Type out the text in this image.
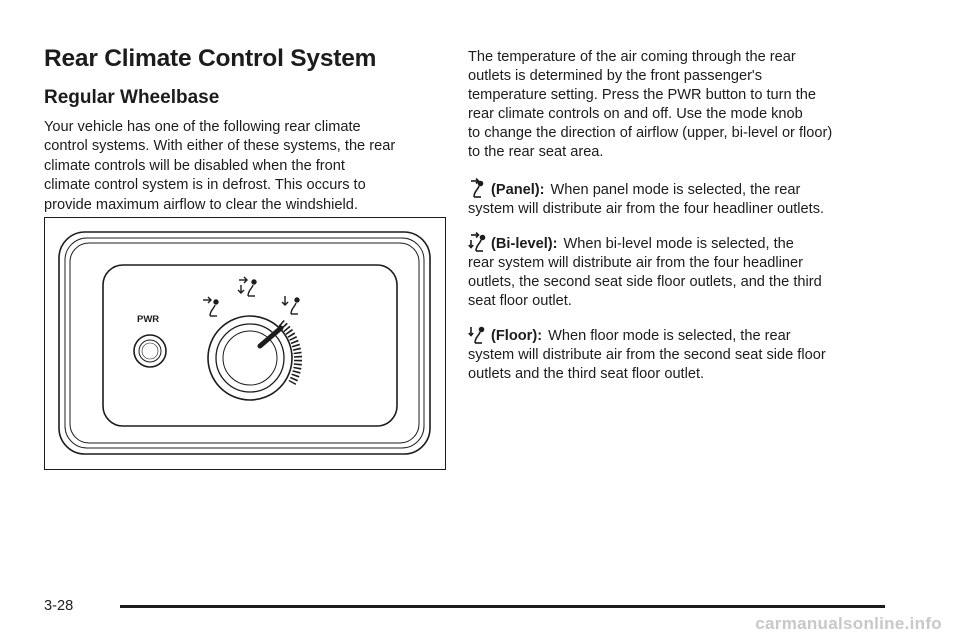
Rear Climate Control System
Regular Wheelbase

Your vehicle has one of the following rear climate
control systems. With either of these systems, the rear
climate controls will be disabled when the front
climate control system is in defrost. This occurs to
provide maximum airflow to clear the windshield.

PWR

The temperature of the air coming through the rear
outlets is determined by the front passenger's
temperature setting. Press the PWR button to turn the
rear climate controls on and off. Use the mode knob
to change the direction of airflow (upper, bi-level or floor)
to the rear seat area.

(Panel): When panel mode is selected, the rear
system will distribute air from the four headliner outlets.
(Bi-level): When bi-level mode is selected, the
rear system will distribute air from the four headliner
outlets, the second seat side floor outlets, and the third
seat floor outlet.
(Floor): When floor mode is selected, the rear
system will distribute air from the second seat side floor
outlets and the third seat floor outlet.
3-28
carmanualsonline.info
